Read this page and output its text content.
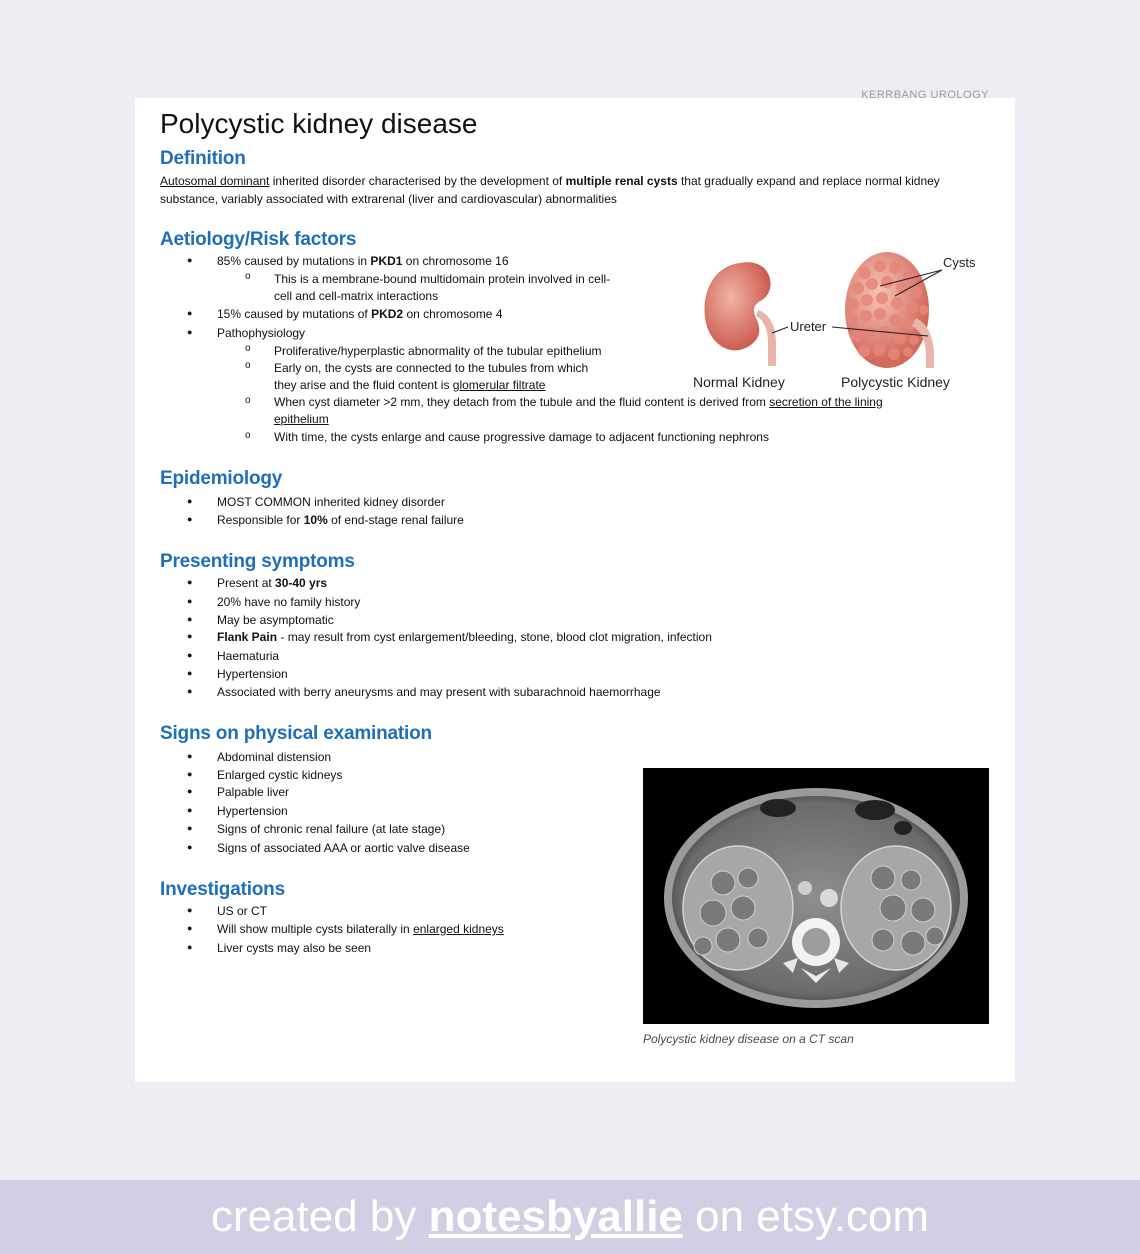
KERRBANG UROLOGY
Polycystic kidney disease
Definition
Autosomal dominant inherited disorder characterised by the development of multiple renal cysts that gradually expand and replace normal kidney substance, variably associated with extrarenal (liver and cardiovascular) abnormalities
Aetiology/Risk factors
● 85% caused by mutations in PKD1 on chromosome 16
o This is a membrane-bound multidomain protein involved in cell-
cell and cell-matrix interactions
● 15% caused by mutations of PKD2 on chromosome 4
● Pathophysiology
o Proliferative/hyperplastic abnormality of the tubular epithelium
o Early on, the cysts are connected to the tubules from which
they arise and the fluid content is glomerular filtrate
o When cyst diameter >2 mm, they detach from the tubule and the fluid content is derived from secretion of the lining
epithelium
o With time, the cysts enlarge and cause progressive damage to adjacent functioning nephrons
Ureter
Cysts
Normal Kidney	Polycystic Kidney
Epidemiology
● MOST COMMON inherited kidney disorder
● Responsible for 10% of end-stage renal failure
Presenting symptoms
● Present at 30-40 yrs
● 20% have no family history
● May be asymptomatic
● Flank Pain - may result from cyst enlargement/bleeding, stone, blood clot migration, infection
● Haematuria
● Hypertension
● Associated with berry aneurysms and may present with subarachnoid haemorrhage
Signs on physical examination
● Abdominal distension
● Enlarged cystic kidneys
● Palpable liver
● Hypertension
● Signs of chronic renal failure (at late stage)
● Signs of associated AAA or aortic valve disease
Investigations
● US or CT
● Will show multiple cysts bilaterally in enlarged kidneys
● Liver cysts may also be seen
Polycystic kidney disease on a CT scan
created by notesbyallie on etsy.com
